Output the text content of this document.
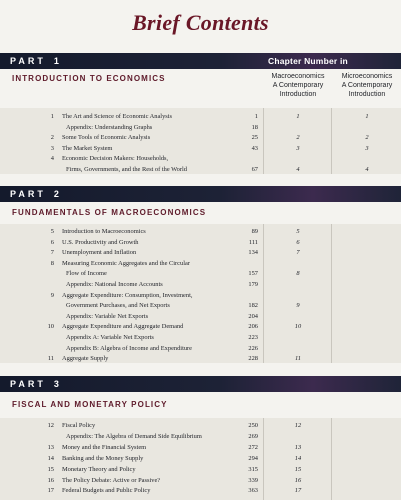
Brief Contents
PART 1	Chapter Number in
INTRODUCTION TO ECONOMICS	Macroeconomics
A Contemporary
Introduction
Microeconomics
A Contemporary
Introduction
1 The Art and Science of Economic Analysis	1	1	1
Appendix: Understanding Graphs	18
2 Some Tools of Economic Analysis	25	2	2
3 The Market System	43	3	3
4 Economic Decision Makers: Households,
Firms, Governments, and the Rest of the World	67	4	4
PART 2
FUNDAMENTALS OF MACROECONOMICS
5 Introduction to Macroeconomics	89	5
6 U.S. Productivity and Growth	111	6
7 Unemployment and Inflation	134	7
8 Measuring Economic Aggregates and the Circular
Flow of Income	157	8
Appendix: National Income Accounts	179
9 Aggregate Expenditure: Consumption, Investment,
Government Purchases, and Net Exports	182	9
Appendix: Variable Net Exports	204
10 Aggregate Expenditure and Aggregate Demand	206	10
Appendix A: Variable Net Exports	223
Appendix B: Algebra of Income and Expenditure	226
11 Aggregate Supply	228	11
PART 3
FISCAL AND MONETARY POLICY
12 Fiscal Policy	250	12
Appendix: The Algebra of Demand Side Equilibrium	269
13 Money and the Financial System	272	13
14 Banking and the Money Supply	294	14
15 Monetary Theory and Policy	315	15
16 The Policy Debate: Active or Passive?	339	16
17 Federal Budgets and Public Policy	363	17
